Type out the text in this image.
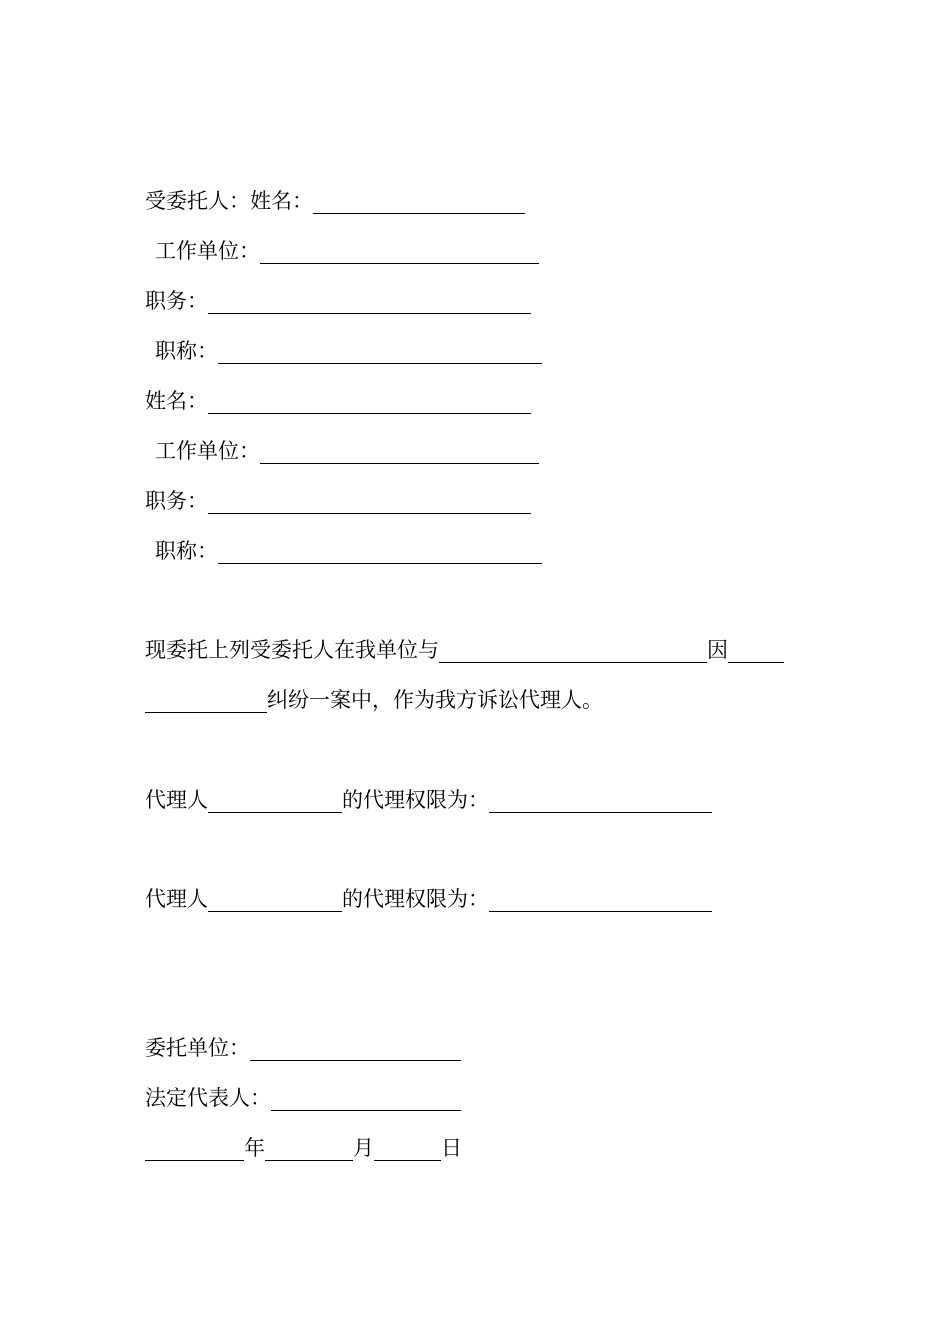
受委托人：姓名：
工作单位：
职务：
职称：
姓名：
工作单位：
职务：
职称：
现委托上列受委托人在我单位与	因
纠纷一案中，作为我方诉讼代理人。
代理人	的代理权限为：
代理人	的代理权限为：
委托单位：
法定代表人：
年	月	日
